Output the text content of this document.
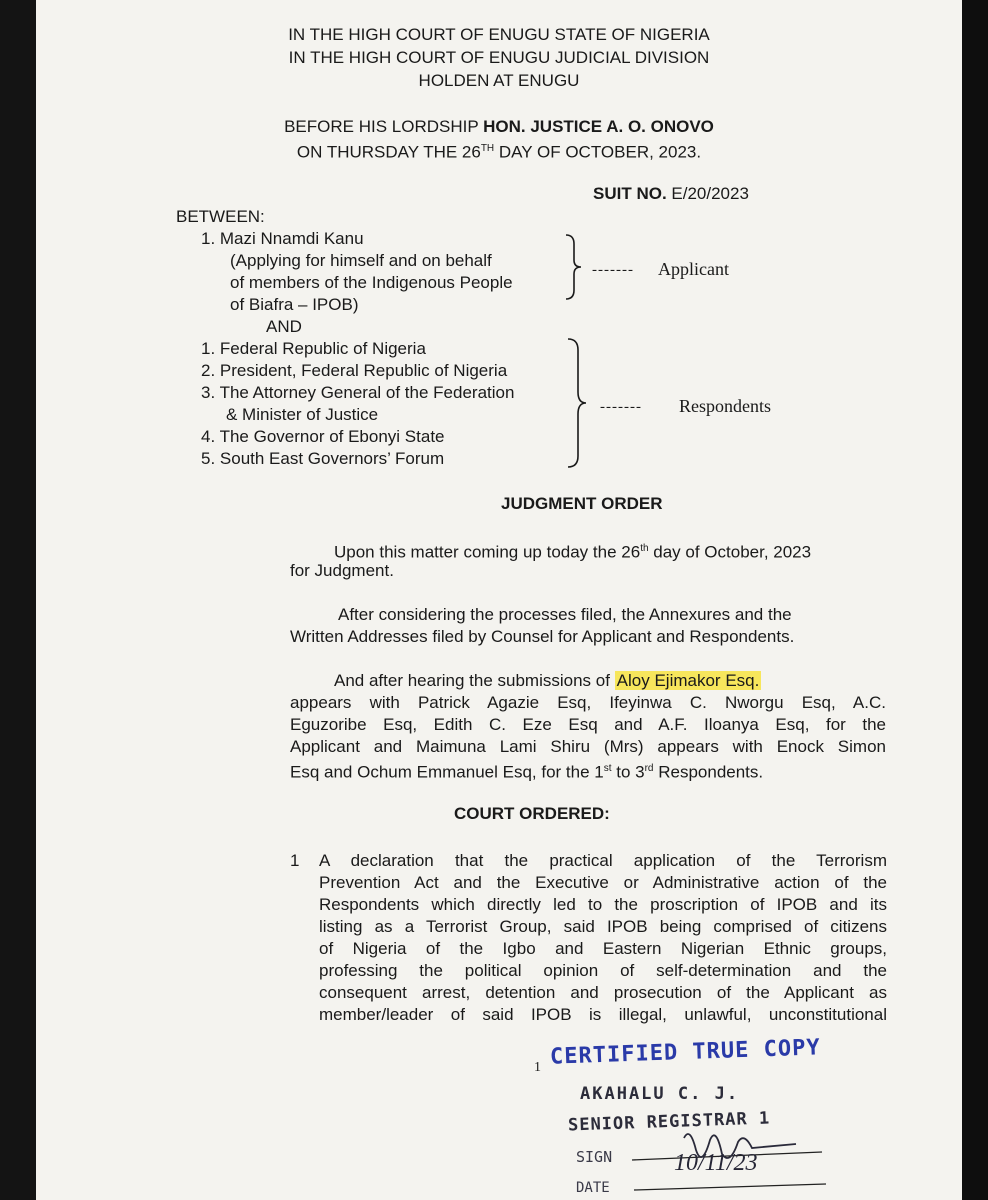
IN THE HIGH COURT OF ENUGU STATE OF NIGERIA
IN THE HIGH COURT OF ENUGU JUDICIAL DIVISION
HOLDEN AT ENUGU
BEFORE HIS LORDSHIP HON. JUSTICE A. O. ONOVO
ON THURSDAY THE 26TH DAY OF OCTOBER, 2023.
SUIT NO. E/20/2023
BETWEEN:
1. Mazi Nnamdi Kanu
(Applying for himself and on behalf
of members of the Indigenous People
of Biafra – IPOB)
------- Applicant
AND
1. Federal Republic of Nigeria
2. President, Federal Republic of Nigeria
3. The Attorney General of the Federation
& Minister of Justice
4. The Governor of Ebonyi State
5. South East Governors’ Forum
------- Respondents
JUDGMENT ORDER
Upon this matter coming up today the 26th day of October, 2023
for Judgment.
After considering the processes filed, the Annexures and the
Written Addresses filed by Counsel for Applicant and Respondents.
And after hearing the submissions of Aloy Ejimakor Esq.
appears with Patrick Agazie Esq, Ifeyinwa C. Nworgu Esq, A.C.
Eguzoribe Esq, Edith C. Eze Esq and A.F. Iloanya Esq, for the
Applicant and Maimuna Lami Shiru (Mrs) appears with Enock Simon
Esq and Ochum Emmanuel Esq, for the 1st to 3rd Respondents.
COURT ORDERED:
1 A declaration that the practical application of the Terrorism
Prevention Act and the Executive or Administrative action of the
Respondents which directly led to the proscription of IPOB and its
listing as a Terrorist Group, said IPOB being comprised of citizens
of Nigeria of the Igbo and Eastern Nigerian Ethnic groups,
professing the political opinion of self-determination and the
consequent arrest, detention and prosecution of the Applicant as
member/leader of said IPOB is illegal, unlawful, unconstitutional
1 CERTIFIED TRUE COPY
AKAHALU C. J.
SENIOR REGISTRAR 1
SIGN
DATE
10/11/23
